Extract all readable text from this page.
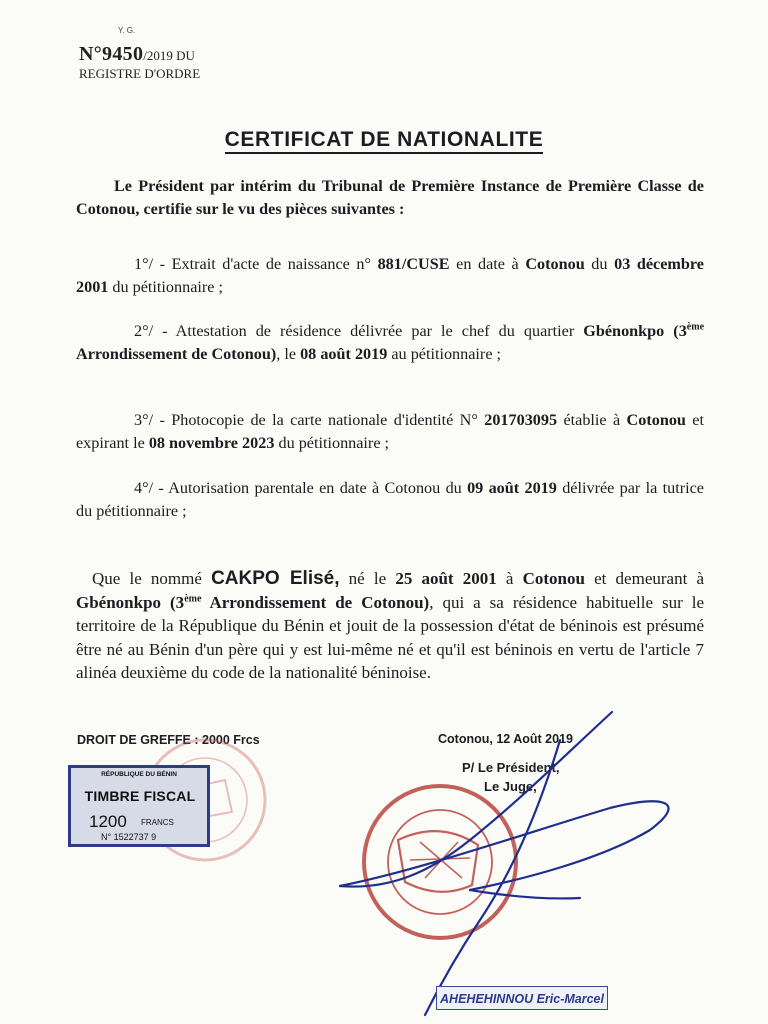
Y. G.
N°9450/2019 DU
REGISTRE D'ORDRE
CERTIFICAT DE NATIONALITE
Le Président par intérim du Tribunal de Première Instance de Première Classe de Cotonou, certifie sur le vu des pièces suivantes :
1°/ - Extrait d'acte de naissance n° 881/CUSE en date à Cotonou du 03 décembre 2001 du pétitionnaire ;
2°/ - Attestation de résidence délivrée par le chef du quartier Gbénonkpo (3ème Arrondissement de Cotonou), le 08 août 2019 au pétitionnaire ;
3°/ - Photocopie de la carte nationale d'identité N° 201703095 établie à Cotonou et expirant le 08 novembre 2023 du pétitionnaire ;
4°/ - Autorisation parentale en date à Cotonou du 09 août 2019 délivrée par la tutrice du pétitionnaire ;
Que le nommé CAKPO Elisé, né le 25 août 2001 à Cotonou et demeurant à Gbénonkpo (3ème Arrondissement de Cotonou), qui a sa résidence habituelle sur le territoire de la République du Bénin et jouit de la possession d'état de béninois est présumé être né au Bénin d'un père qui y est lui-même né et qu'il est béninois en vertu de l'article 7 alinéa deuxième du code de la nationalité béninoise.
DROIT DE GREFFE : 2000 Frcs	Cotonou, 12 Août 2019
P/ Le Président,
Le Juge,
RÉPUBLIQUE DU BÉNIN
TIMBRE FISCAL
1200 FRANCS
N° 1522737 9
AHEHEHINNOU Eric-Marcel
